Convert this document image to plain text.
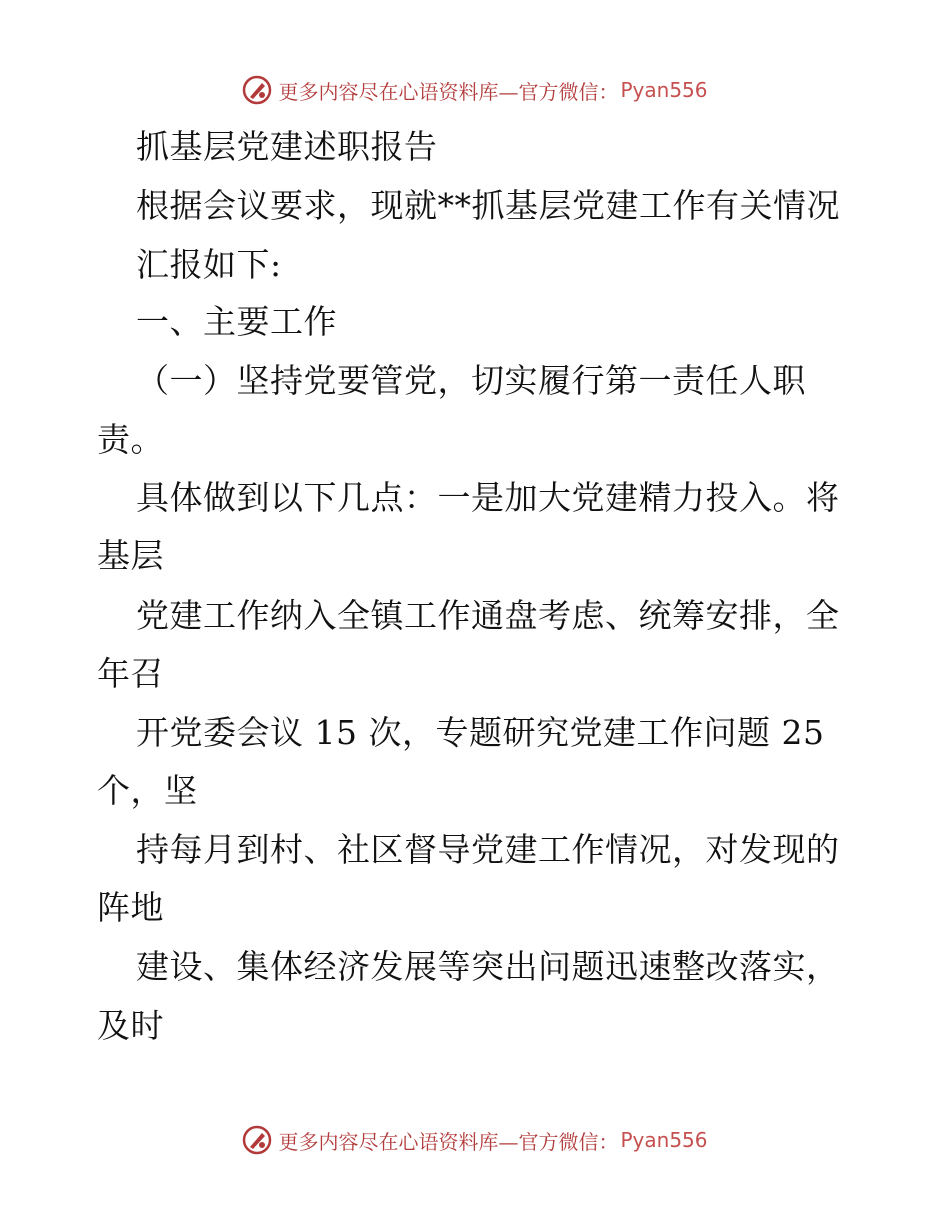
更多内容尽在心语资料库—官方微信： Pyan556
抓基层党建述职报告
根据会议要求，现就**抓基层党建工作有关情况
汇报如下:
一、主要工作
（一）坚持党要管党，切实履行第一责任人职
责。
具体做到以下几点：一是加大党建精力投入。将
基层
党建工作纳入全镇工作通盘考虑、统筹安排，全
年召
开党委会议 15 次，专题研究党建工作问题 25
个，坚
持每月到村、社区督导党建工作情况，对发现的
阵地
建设、集体经济发展等突出问题迅速整改落实，
及时
更多内容尽在心语资料库—官方微信： Pyan556
